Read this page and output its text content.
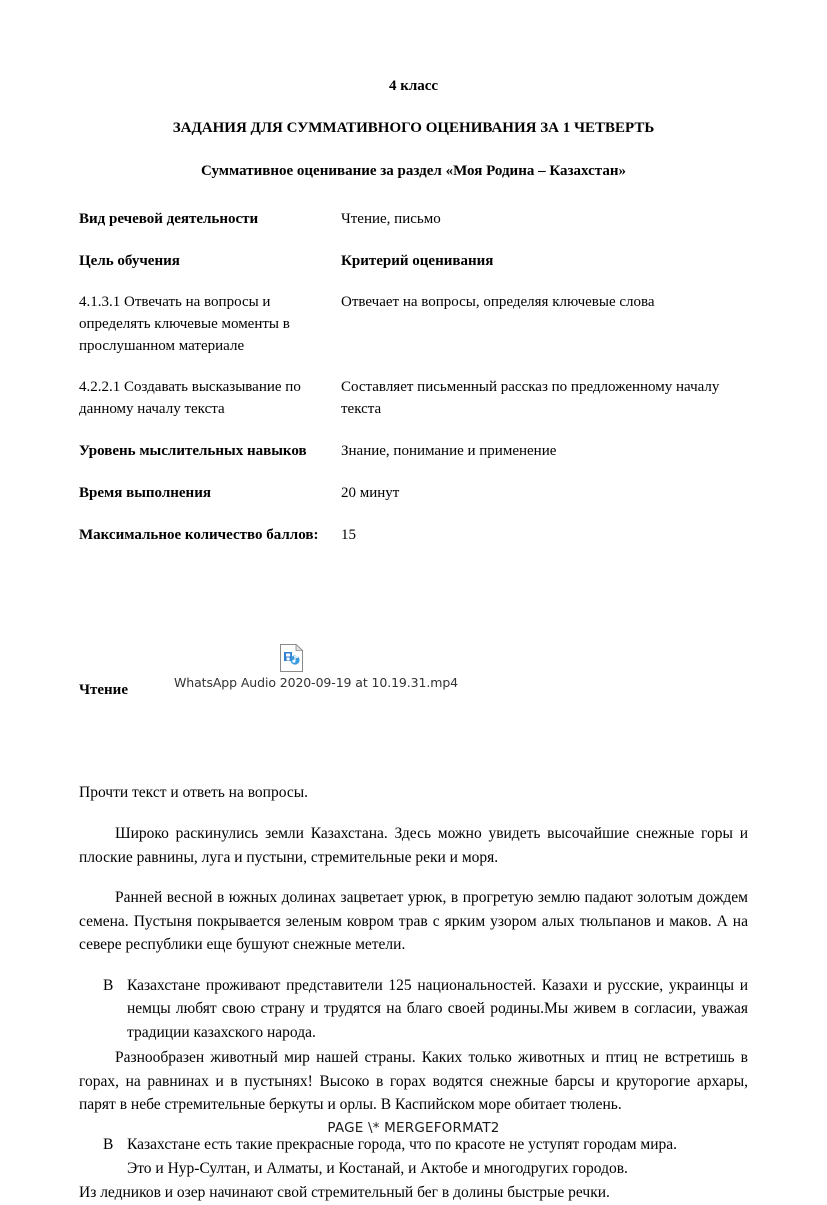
4 класс
ЗАДАНИЯ ДЛЯ СУММАТИВНОГО ОЦЕНИВАНИЯ ЗА 1 ЧЕТВЕРТЬ
Суммативное оценивание за раздел «Моя Родина – Казахстан»
Вид речевой деятельности	Чтение, письмо
Цель обучения	Критерий оценивания
4.1.3.1 Отвечать на вопросы и определять ключевые моменты в прослушанном материале	Отвечает на вопросы, определяя ключевые слова
4.2.2.1 Создавать высказывание по данному началу текста	Составляет письменный рассказ по предложенному началу текста
Уровень мыслительных навыков	Знание, понимание и применение
Время выполнения	20 минут
Максимальное количество баллов:	15
WhatsApp Audio 2020-09-19 at 10.19.31.mp4
Чтение

Прочти текст и ответь на вопросы.

Широко раскинулись земли Казахстана. Здесь можно увидеть высочайшие снежные горы и плоские равнины, луга и пустыни, стремительные реки и моря.

Ранней весной в южных долинах зацветает урюк, в прогретую землю падают золотым дождем семена. Пустыня покрывается зеленым ковром трав с ярким узором алых тюльпанов и маков. А на севере республики еще бушуют снежные метели.

В Казахстане проживают представители 125 национальностей. Казахи и русские, украинцы и немцы любят свою страну и трудятся на благо своей родины.Мы живем в согласии, уважая традиции казахского народа.

Разнообразен животный мир нашей страны. Каких только животных и птиц не встретишь в горах, на равнинах и в пустынях! Высоко в горах водятся снежные барсы и круторогие архары, парят в небе стремительные беркуты и орлы. В Каспийском море обитает тюлень.

В Казахстане есть такие прекрасные города, что по красоте не уступят городам мира.
Это и Нур-Султан, и Алматы, и Костанай, и Актобе и многодругих городов.
Из ледников и озер начинают свой стремительный бег в долины быстрые речки.
PAGE \* MERGEFORMAT2
